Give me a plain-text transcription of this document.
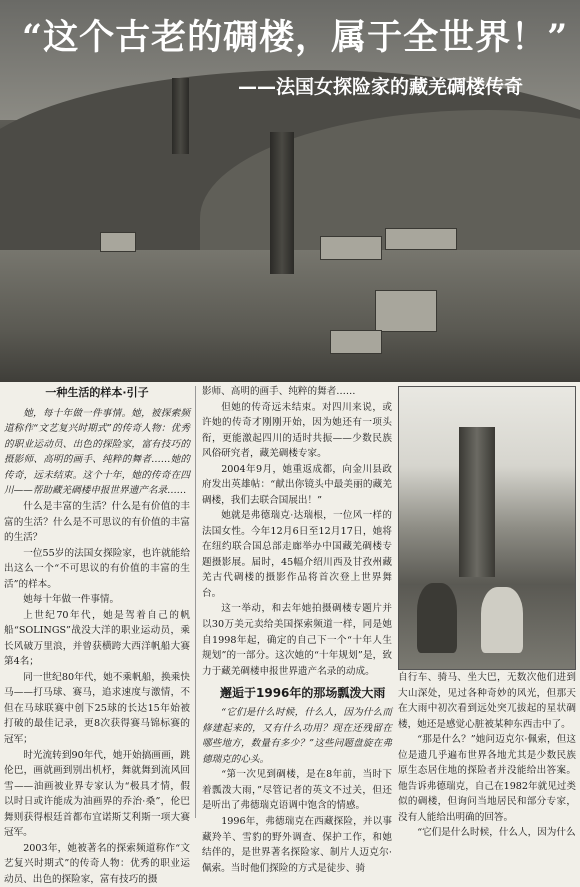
“这个古老的碉楼，属于全世界！”
——法国女探险家的藏羌碉楼传奇
一种生活的样本·引子

她，每十年做一件事情。她，被探索频道称作“文艺复兴时期式”的传奇人物：优秀的职业运动员、出色的探险家，富有技巧的摄影师、高明的画手、纯粹的舞者……她的传奇，远未结束。这个十年，她的传奇在四川——帮助藏羌碉楼申报世界遗产名录……

什么是丰富的生活？什么是有价值的丰富的生活？什么是不可思议的有价值的丰富的生活？

一位55岁的法国女探险家，也许就能给出这么一个“不可思议的有价值的丰富的生活”的样本。

她每十年做一件事情。

上世纪70年代，她是驾着自己的帆船“SOLINGS”战没大洋的职业运动员，乘长风破万里浪，并曾获横跨大西洋帆船大赛第4名；

同一世纪80年代，她不乘帆船，换乘快马——打马球、赛马，追求速度与激情，不但在马球联赛中创下25球的长达15年始被打破的最佳记录，更8次获得赛马锦标赛的冠军；

时光流转到90年代，她开始搞画画，跳伦巴，画就画到别出机杼，舞就舞到流风回雪——油画被业界专家认为“极具才情，假以时日或许能成为油画界的乔治·桑”，伦巴舞则获得根廷首都布宜诺斯艾利斯一项大赛冠军。

2003年，她被著名的探索频道称作“文艺复兴时期式”的传奇人物：优秀的职业运动员、出色的探险家，富有技巧的摄

影师、高明的画手、纯粹的舞者……

但她的传奇远未结束。对四川来说，或许她的传奇才刚刚开始，因为她还有一项头衔，更能激起四川的适时共振——少数民族风俗研究者，藏羌碉楼专家。

2004年9月，她重返成都，向金川县政府发出英雄帖：“献出你镜头中最美丽的藏羌碉楼，我们去联合国展出！”

她就是弗德瑞克·达瑞根，一位风一样的法国女性。今年12月6日至12月17日，她将在纽约联合国总部走廊举办中国藏羌碉楼专题摄影展。届时，45幅介绍川西及甘孜州藏羌古代碉楼的摄影作品将首次登上世界舞台。

这一举动，和去年她拍摄碉楼专题片并以30万美元卖给美国探索频道一样，同是她自1998年起，确定的自己下一个“十年人生规划”的一部分。这次她的“十年规划”是，致力于藏羌碉楼申报世界遗产名录的动成。

邂逅于1996年的那场瓢泼大雨

“它们是什么时候，什么人，因为什么而修建起来的，又有什么功用？现在还残留在哪些地方，数量有多少？”这些问题盘旋在弗德瑞克的心头。

“第一次见到碉楼，是在8年前，当时下着瓢泼大雨，”尽管记者的英文不过关，但还是听出了弗德瑞克语调中饱含的情感。

1996年，弗德瑞克在西藏探险，并以事藏羚羊、雪豹的野外调查、保护工作，和她结伴的，是世界著名探险家、制片人迈克尔·佩索。当时他们探险的方式是徒步、骑

自行车、骑马、坐大巴，无数次他们进到大山深处，见过各种奇妙的风光，但那天在大雨中初次看到远处突兀拔起的星状碉楼，她还是感觉心脏被某种东西击中了。

“那是什么？”她问迈克尔·佩索，但这位是遗几乎遍布世界各地尤其是少数民族原生态居住地的探险者并没能给出答案。他告诉弗德瑞克，自己在1982年就见过类似的碉楼，但询问当地居民和部分专家，没有人能给出明确的回答。

“它们是什么时候，什么人，因为什么
